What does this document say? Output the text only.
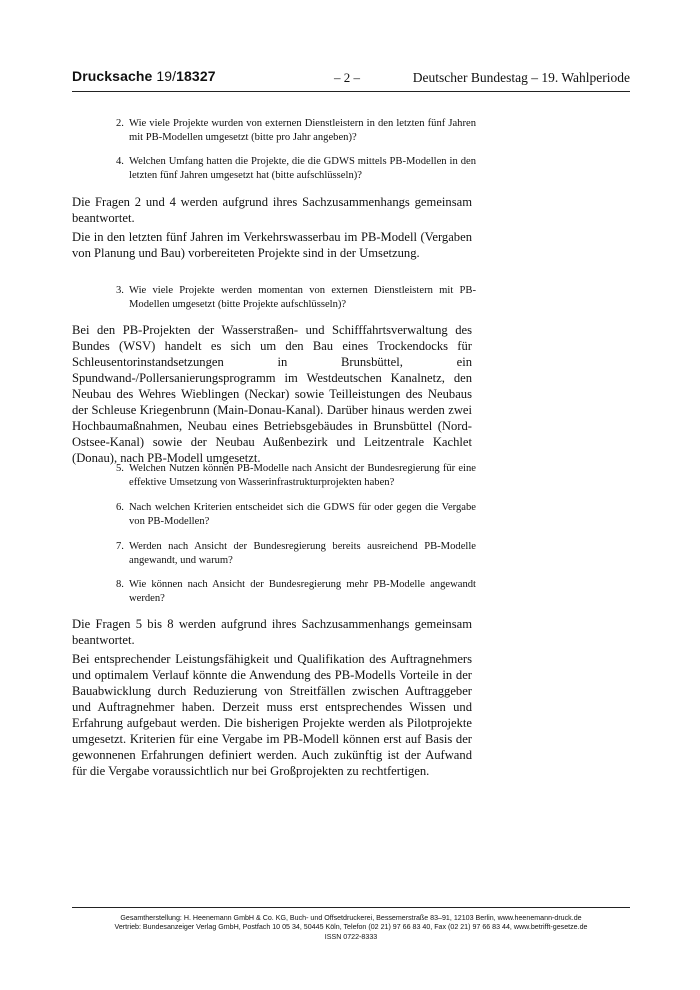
Drucksache 19/18327	– 2 –	Deutscher Bundestag – 19. Wahlperiode
2. Wie viele Projekte wurden von externen Dienstleistern in den letzten fünf Jahren mit PB-Modellen umgesetzt (bitte pro Jahr angeben)?
4. Welchen Umfang hatten die Projekte, die die GDWS mittels PB-Modellen in den letzten fünf Jahren umgesetzt hat (bitte aufschlüsseln)?
Die Fragen 2 und 4 werden aufgrund ihres Sachzusammenhangs gemeinsam beantwortet.
Die in den letzten fünf Jahren im Verkehrswasserbau im PB-Modell (Vergaben von Planung und Bau) vorbereiteten Projekte sind in der Umsetzung.
3. Wie viele Projekte werden momentan von externen Dienstleistern mit PB-Modellen umgesetzt (bitte Projekte aufschlüsseln)?
Bei den PB-Projekten der Wasserstraßen- und Schifffahrtsverwaltung des Bundes (WSV) handelt es sich um den Bau eines Trockendocks für Schleusentorinstandsetzungen in Brunsbüttel, ein Spundwand-/Pollersanierungsprogramm im Westdeutschen Kanalnetz, den Neubau des Wehres Wieblingen (Neckar) sowie Teilleistungen des Neubaus der Schleuse Kriegenbrunn (Main-Donau-Kanal). Darüber hinaus werden zwei Hochbaumaßnahmen, Neubau eines Betriebsgebäudes in Brunsbüttel (Nord-Ostsee-Kanal) sowie der Neubau Außenbezirk und Leitzentrale Kachlet (Donau), nach PB-Modell umgesetzt.
5. Welchen Nutzen können PB-Modelle nach Ansicht der Bundesregierung für eine effektive Umsetzung von Wasserinfrastrukturprojekten haben?
6. Nach welchen Kriterien entscheidet sich die GDWS für oder gegen die Vergabe von PB-Modellen?
7. Werden nach Ansicht der Bundesregierung bereits ausreichend PB-Modelle angewandt, und warum?
8. Wie können nach Ansicht der Bundesregierung mehr PB-Modelle angewandt werden?
Die Fragen 5 bis 8 werden aufgrund ihres Sachzusammenhangs gemeinsam beantwortet.
Bei entsprechender Leistungsfähigkeit und Qualifikation des Auftragnehmers und optimalem Verlauf könnte die Anwendung des PB-Modells Vorteile in der Bauabwicklung durch Reduzierung von Streitfällen zwischen Auftraggeber und Auftragnehmer haben. Derzeit muss erst entsprechendes Wissen und Erfahrung aufgebaut werden. Die bisherigen Projekte werden als Pilotprojekte umgesetzt. Kriterien für eine Vergabe im PB-Modell können erst auf Basis der gewonnenen Erfahrungen definiert werden. Auch zukünftig ist der Aufwand für die Vergabe voraussichtlich nur bei Großprojekten zu rechtfertigen.
Gesamtherstellung: H. Heenemann GmbH & Co. KG, Buch- und Offsetdruckerei, Bessemerstraße 83–91, 12103 Berlin, www.heenemann-druck.de
Vertrieb: Bundesanzeiger Verlag GmbH, Postfach 10 05 34, 50445 Köln, Telefon (02 21) 97 66 83 40, Fax (02 21) 97 66 83 44, www.betrifft-gesetze.de
ISSN 0722-8333
